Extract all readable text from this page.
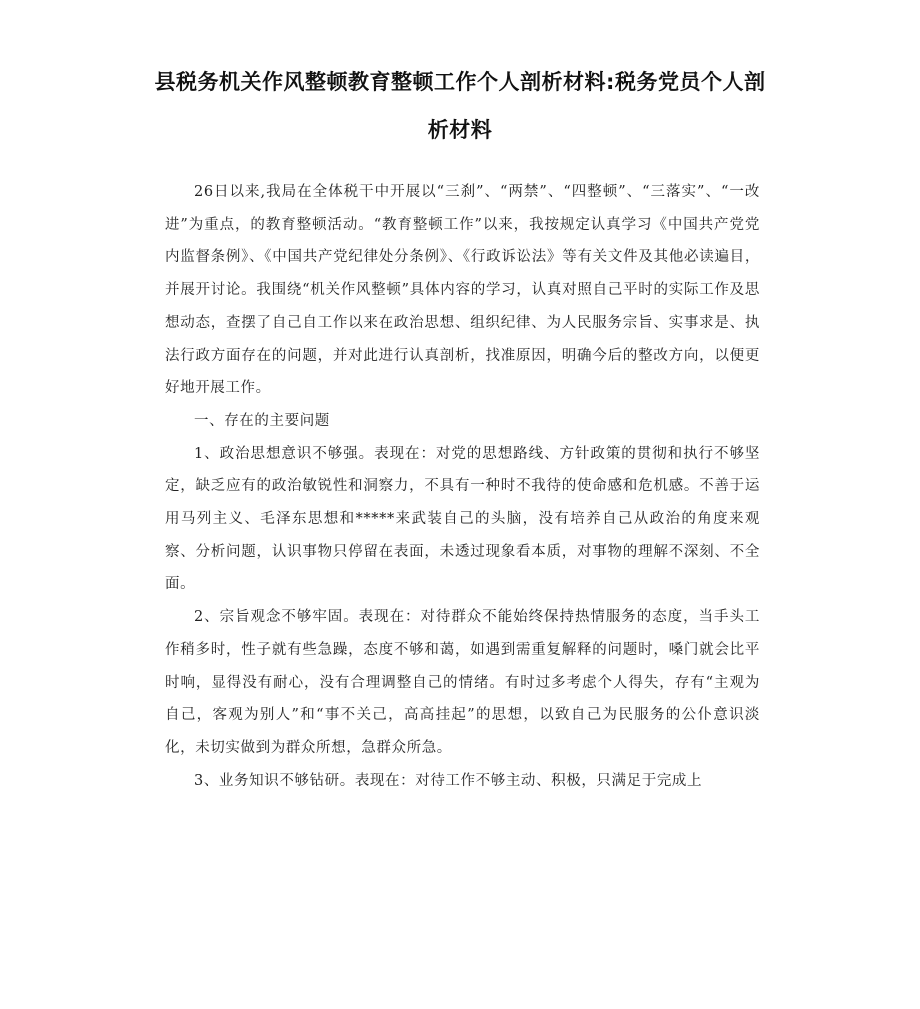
县税务机关作风整顿教育整顿工作个人剖析材料:税务党员个人剖析材料

26日以来,我局在全体税干中开展以“三刹”、“两禁”、“四整顿”、“三落实”、“一改进”为重点，的教育整顿活动。“教育整顿工作”以来，我按规定认真学习《中国共产党党内监督条例》、《中国共产党纪律处分条例》、《行政诉讼法》等有关文件及其他必读遍目，并展开讨论。我围绕“机关作风整顿”具体内容的学习，认真对照自己平时的实际工作及思想动态，查摆了自己自工作以来在政治思想、组织纪律、为人民服务宗旨、实事求是、执法行政方面存在的问题，并对此进行认真剖析，找准原因，明确今后的整改方向，以便更好地开展工作。

一、存在的主要问题

1、政治思想意识不够强。表现在：对党的思想路线、方针政策的贯彻和执行不够坚定，缺乏应有的政治敏锐性和洞察力，不具有一种时不我待的使命感和危机感。不善于运用马列主义、毛泽东思想和*****来武装自己的头脑，没有培养自己从政治的角度来观察、分析问题，认识事物只停留在表面，未透过现象看本质，对事物的理解不深刻、不全面。

2、宗旨观念不够牢固。表现在：对待群众不能始终保持热情服务的态度，当手头工作稍多时，性子就有些急躁，态度不够和蔼，如遇到需重复解释的问题时，嗓门就会比平时响，显得没有耐心，没有合理调整自己的情绪。有时过多考虑个人得失，存有“主观为自己，客观为别人”和“事不关己，高高挂起”的思想，以致自己为民服务的公仆意识淡化，未切实做到为群众所想，急群众所急。

3、业务知识不够钻研。表现在：对待工作不够主动、积极，只满足于完成上
